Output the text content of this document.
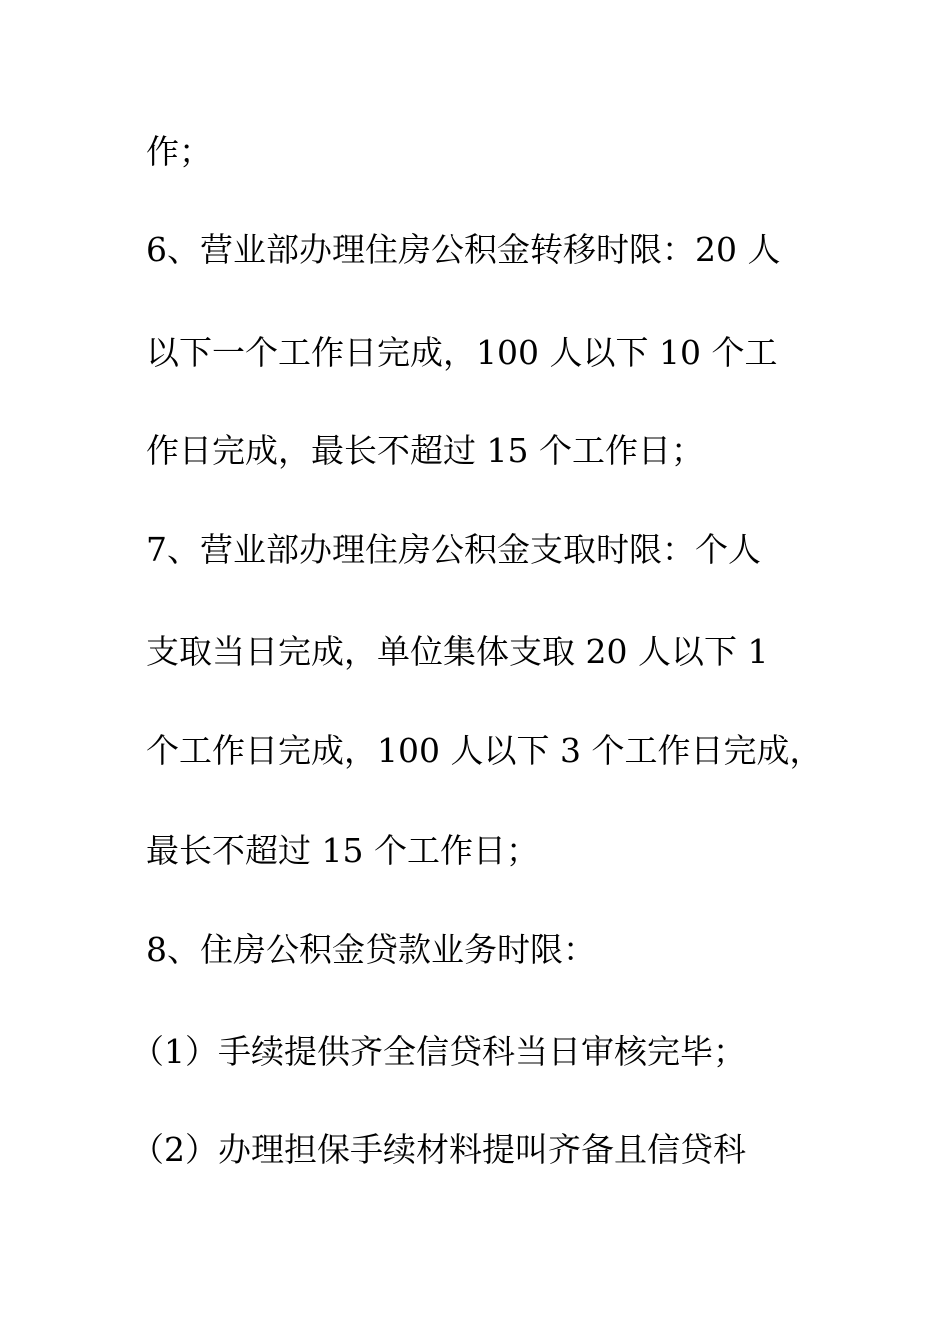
作；
6、营业部办理住房公积金转移时限：20 人
以下一个工作日完成，100 人以下 10 个工
作日完成，最长不超过 15 个工作日；
7、营业部办理住房公积金支取时限：个人
支取当日完成，单位集体支取 20 人以下 1
个工作日完成，100 人以下 3 个工作日完成，
最长不超过 15 个工作日；
8、住房公积金贷款业务时限：
（1）手续提供齐全信贷科当日审核完毕；
（2）办理担保手续材料提叫齐备且信贷科
